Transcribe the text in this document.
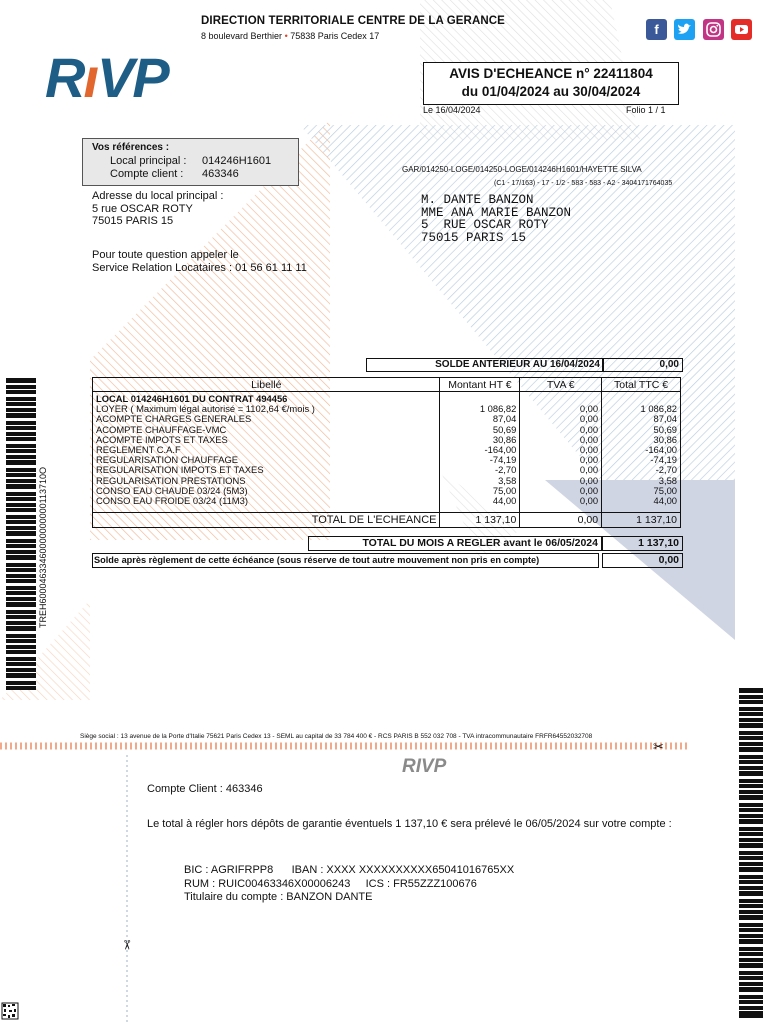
DIRECTION TERRITORIALE CENTRE DE LA GERANCE
8 boulevard Berthier • 75838 Paris Cedex 17	f
RıVP	AVIS D'ECHEANCE n° 22411804
du 01/04/2024 au 30/04/2024
Le 16/04/2024	Folio 1 / 1
Vos références :
Local principal : 014246H1601
Compte client : 463346
Adresse du local principal :
5 rue OSCAR ROTY
75015 PARIS 15
Pour toute question appeler le
Service Relation Locataires : 01 56 61 11 11
GAR/014250-LOGE/014250-LOGE/014246H1601/HAYETTE SILVA
(C1 - 17/163) - 17 - 1/2 - 583 - 583 - A2 - 3404171764035
M. DANTE BANZON
MME ANA MARIE BANZON
5  RUE OSCAR ROTY
75015 PARIS 15
SOLDE ANTERIEUR AU 16/04/2024	0,00
Libellé	Montant HT €	TVA €	Total TTC €
LOCAL 014246H1601 DU CONTRAT 494456			
LOYER ( Maximum légal autorisé = 1102,64 €/mois )	1 086,82	0,00	1 086,82
ACOMPTE CHARGES GENERALES	87,04	0,00	87,04
ACOMPTE CHAUFFAGE-VMC	50,69	0,00	50,69
ACOMPTE IMPOTS ET TAXES	30,86	0,00	30,86
REGLEMENT C.A.F	-164,00	0,00	-164,00
REGULARISATION CHAUFFAGE	-74,19	0,00	-74,19
REGULARISATION IMPOTS ET TAXES	-2,70	0,00	-2,70
REGULARISATION PRESTATIONS	3,58	0,00	3,58
CONSO EAU CHAUDE 03/24 (5M3)	75,00	0,00	75,00
CONSO EAU FROIDE 03/24 (11M3)	44,00	0,00	44,00

TOTAL DE L'ECHEANCE	1 137,10	0,00	1 137,10
TOTAL DU MOIS A REGLER avant le 06/05/2024	1 137,10
Solde après règlement de cette échéance (sous réserve de tout autre mouvement non pris en compte)	0,00
TREH60004633460000000000113710O
Siège social : 13 avenue de la Porte d'Italie 75621 Paris Cedex 13 - SEML au capital de 33 784 400 € - RCS PARIS B 552 032 708 - TVA intracommunautaire FRFR64552032708
✂
RIVP
Compte Client : 463346
Le total à régler hors dépôts de garantie éventuels 1 137,10 € sera prélevé le 06/05/2024 sur votre compte :
BIC : AGRIFRPP8      IBAN : XXXX XXXXXXXXXX65041016765XX
RUM : RUIC00463346X00006243     ICS : FR55ZZZ100676
Titulaire du compte : BANZON DANTE
✂
